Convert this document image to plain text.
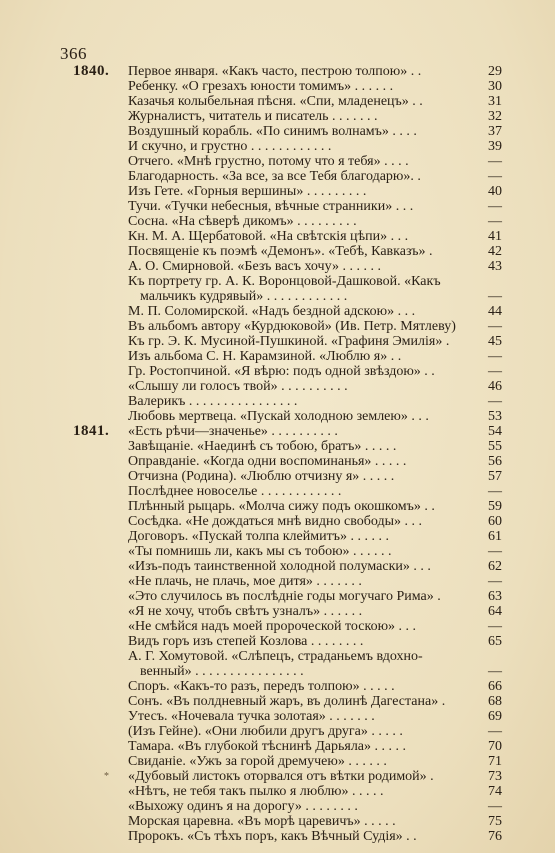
366
1840. Первое января. «Какъ часто, пестрою толпою» . .	29
Ребенку. «О грезахъ юности томимъ» . . . . . .	30
Казачья колыбельная пѣсня. «Спи, младенецъ» . .	31
Журналистъ, читатель и писатель . . . . . . .	32
Воздушный корабль. «По синимъ волнамъ» . . . .	37
И скучно, и грустно . . . . . . . . . . . .	39
Отчего. «Мнѣ грустно, потому что я тебя» . . . .	—
Благодарность. «За все, за все Тебя благодарю». .	—
Изъ Гете. «Горныя вершины» . . . . . . . . .	40
Тучи. «Тучки небесныя, вѣчные странники» . . .	—
Сосна. «На сѣверѣ дикомъ» . . . . . . . . .	—
Кн. М. А. Щербатовой. «На свѣтскія цѣпи» . . .	41
Посвященіе къ поэмѣ «Демонъ». «Тебѣ, Кавказъ» .	42
А. О. Смирновой. «Безъ васъ хочу» . . . . . .	43
Къ портрету гр. А. К. Воронцовой-Дашковой. «Какъ
мальчикъ кудрявый» . . . . . . . . . . . .	—
М. П. Соломирской. «Надъ бездной адскою» . . .	44
Въ альбомъ автору «Курдюковой» (Ив. Петр. Мятлеву)	—
Къ гр. Э. К. Мусиной-Пушкиной. «Графиня Эмилія» .	45
Изъ альбома С. Н. Карамзиной. «Люблю я» . .	—
Гр. Ростопчиной. «Я вѣрю: подъ одной звѣздою» . .	—
«Слышу ли голосъ твой» . . . . . . . . . .	46
Валерикъ . . . . . . . . . . . . . . . .	—
Любовь мертвеца. «Пускай холодною землею» . . .	53
1841. «Есть рѣчи—значенье» . . . . . . . . . .	54
Завѣщаніе. «Наединѣ съ тобою, братъ» . . . . .	55
Оправданіе. «Когда одни воспоминанья» . . . . .	56
Отчизна (Родина). «Люблю отчизну я» . . . . .	57
Послѣднее новоселье . . . . . . . . . . . .	—
Плѣнный рыцарь. «Молча сижу подъ окошкомъ» . .	59
Сосѣдка. «Не дождаться мнѣ видно свободы» . . .	60
Договоръ. «Пускай толпа клеймитъ» . . . . . .	61
«Ты помнишь ли, какъ мы съ тобою» . . . . . .	—
«Изъ-подъ таинственной холодной полумаски» . . .	62
«Не плачь, не плачь, мое дитя» . . . . . . .	—
«Это случилось въ послѣдніе годы могучаго Рима» .	63
«Я не хочу, чтобъ свѣтъ узналъ» . . . . . .	64
«Не смѣйся надъ моей пророческой тоскою» . . .	—
Видъ горъ изъ степей Козлова . . . . . . . .	65
А. Г. Хомутовой. «Слѣпецъ, страданьемъ вдохно-
венный» . . . . . . . . . . . . . . . .	—
Споръ. «Какъ-то разъ, передъ толпою» . . . . .	66
Сонъ. «Въ полдневный жаръ, въ долинѣ Дагестана» .	68
Утесъ. «Ночевала тучка золотая» . . . . . . .	69
(Изъ Гейне). «Они любили другъ друга» . . . . .	—
Тамара. «Въ глубокой тѣснинѣ Дарьяла» . . . . .	70
Свиданіе. «Ужъ за горой дремучею» . . . . . .	71
* «Дубовый листокъ оторвался отъ вѣтки родимой» .	73
«Нѣтъ, не тебя такъ пылко я люблю» . . . . .	74
«Выхожу одинъ я на дорогу» . . . . . . . .	—
Морская царевна. «Въ морѣ царевичъ» . . . . .	75
Пророкъ. «Съ тѣхъ поръ, какъ Вѣчный Судія» . .	76
